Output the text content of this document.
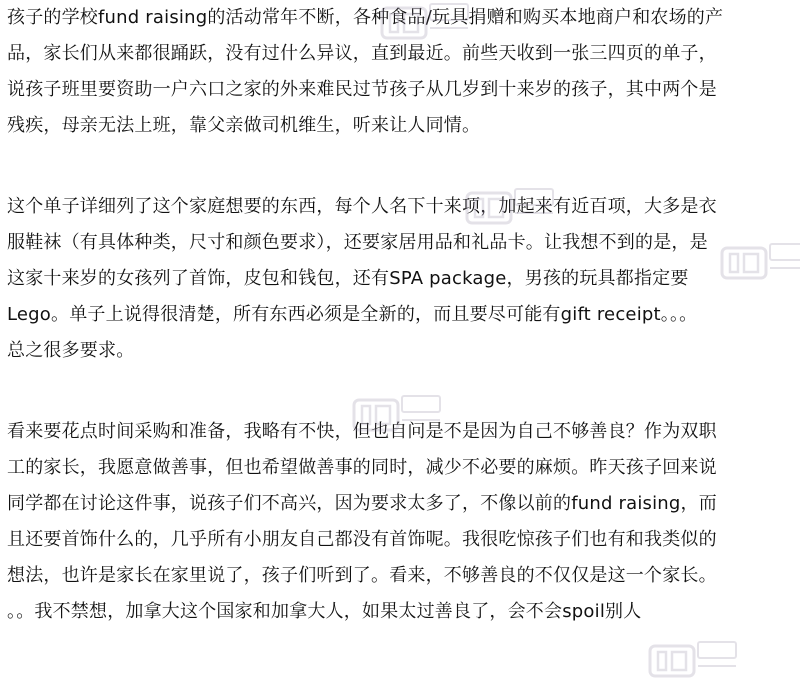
孩子的学校fund raising的活动常年不断，各种食品/玩具捐赠和购买本地商户和农场的产
品，家长们从来都很踊跃，没有过什么异议，直到最近。前些天收到一张三四页的单子，
说孩子班里要资助一户六口之家的外来难民过节孩子从几岁到十来岁的孩子，其中两个是
残疾，母亲无法上班，靠父亲做司机维生，听来让人同情。

这个单子详细列了这个家庭想要的东西，每个人名下十来项，加起来有近百项，大多是衣
服鞋袜（有具体种类，尺寸和颜色要求），还要家居用品和礼品卡。让我想不到的是，是
这家十来岁的女孩列了首饰，皮包和钱包，还有SPA package，男孩的玩具都指定要
Lego。单子上说得很清楚，所有东西必须是全新的，而且要尽可能有gift receipt。。。
总之很多要求。

看来要花点时间采购和准备，我略有不快，但也自问是不是因为自己不够善良？作为双职
工的家长，我愿意做善事，但也希望做善事的同时，减少不必要的麻烦。昨天孩子回来说
同学都在讨论这件事，说孩子们不高兴，因为要求太多了，不像以前的fund raising，而
且还要首饰什么的，几乎所有小朋友自己都没有首饰呢。我很吃惊孩子们也有和我类似的
想法，也许是家长在家里说了，孩子们听到了。看来，不够善良的不仅仅是这一个家长。
。。我不禁想，加拿大这个国家和加拿大人，如果太过善良了，会不会spoil别人
